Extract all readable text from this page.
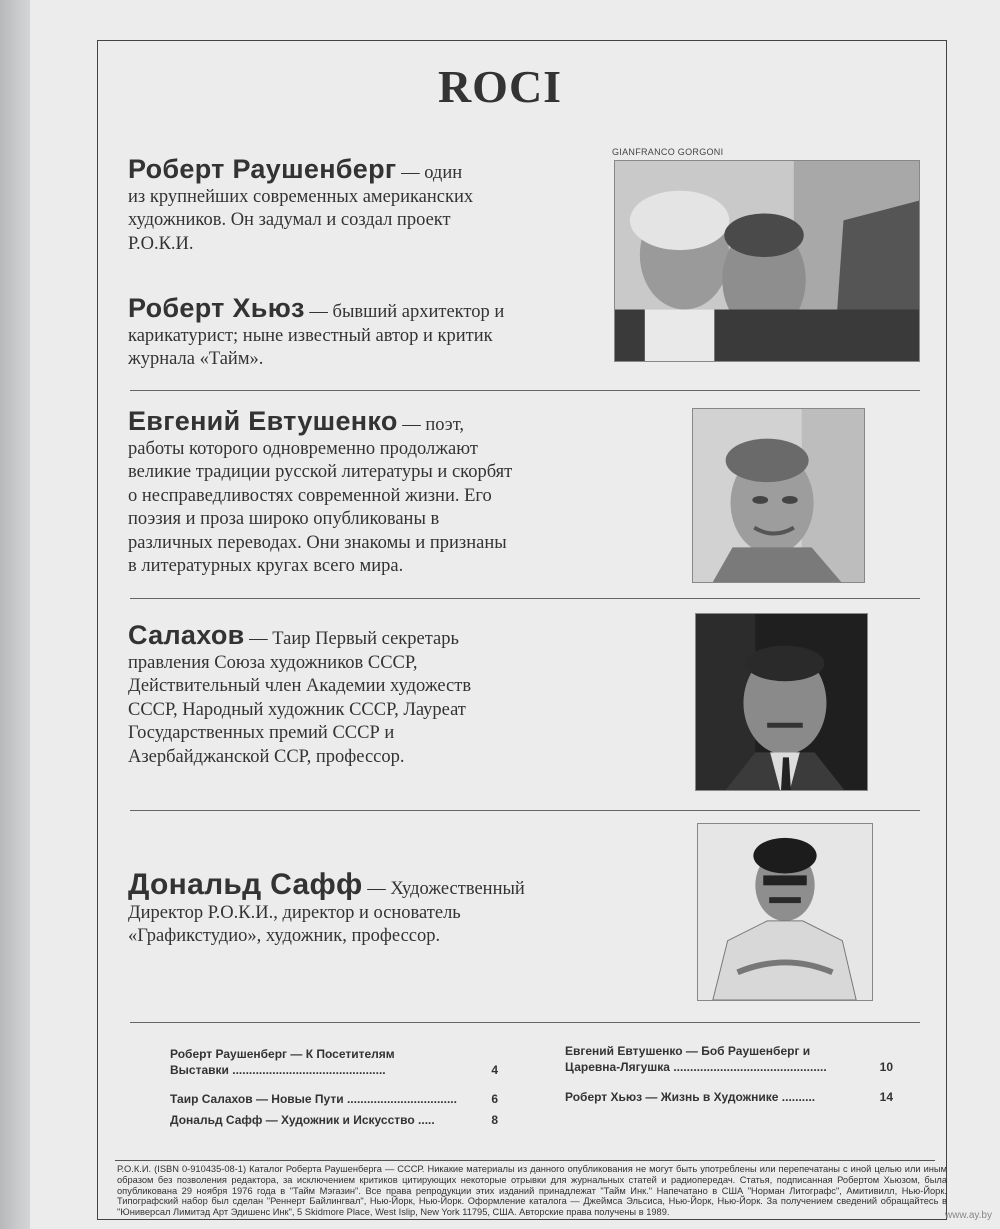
ROCI
GIANFRANCO GORGONI
Роберт Раушенберг — один
из крупнейших современных американских
художников. Он задумал и создал проект
Р.О.К.И.
Роберт Хьюз — бывший архитектор и
карикатурист; ныне известный автор и критик
журнала «Тайм».
Евгений Евтушенко — поэт,
работы которого одновременно продолжают
великие традиции русской литературы и скорбят
о несправедливостях современной жизни. Его
поэзия и проза широко опубликованы в
различных переводах. Они знакомы и признаны
в литературных кругах всего мира.
Салахов — Таир Первый секретарь
правления Союза художников СССР,
Действительный член Академии художеств
СССР, Народный художник СССР, Лауреат
Государственных премий СССР и
Азербайджанской ССР, профессор.
Дональд Сафф — Художественный
Директор Р.О.К.И., директор и основатель
«Графикстудио», художник, профессор.
Роберт Раушенберг — К Посетителям
Выставки ..............................................	4
Таир Салахов — Новые Пути .................................	6
Евгений Евтушенко — Боб Раушенберг и
Царевна-Лягушка ..............................................	10
Роберт Хьюз — Жизнь в Художнике ..........	14
Дональд Сафф — Художник и Искусство .....	8
Р.О.К.И. (ISBN 0-910435-08-1) Каталог Роберта Раушенберга — СССР. Никакие материалы из данного опубликования не могут быть употреблены или перепечатаны с иной целью или иным образом без позволения редактора, за исключением критиков цитирующих некоторые отрывки для журнальных статей и радиопередач. Статья, подписанная Робертом Хьюзом, была опубликована 29 ноября 1976 года в "Тайм Мэгазин". Все права репродукции этих изданий принадлежат "Тайм Инк." Напечатано в США "Норман Литографс", Амитивилл, Нью-Йорк. Типографский набор был сделан "Реннерт Байлингвал", Нью-Йорк, Нью-Йорк. Оформление каталога — Джеймса Эльсиса, Нью-Йорк, Нью-Йорк. За получением сведений обращайтесь в "Юниверсал Лимитэд Арт Эдишенс Инк", 5 Skidmore Place, West Islip, New York 11795, США. Авторские права получены в 1989.	www.ay.by
